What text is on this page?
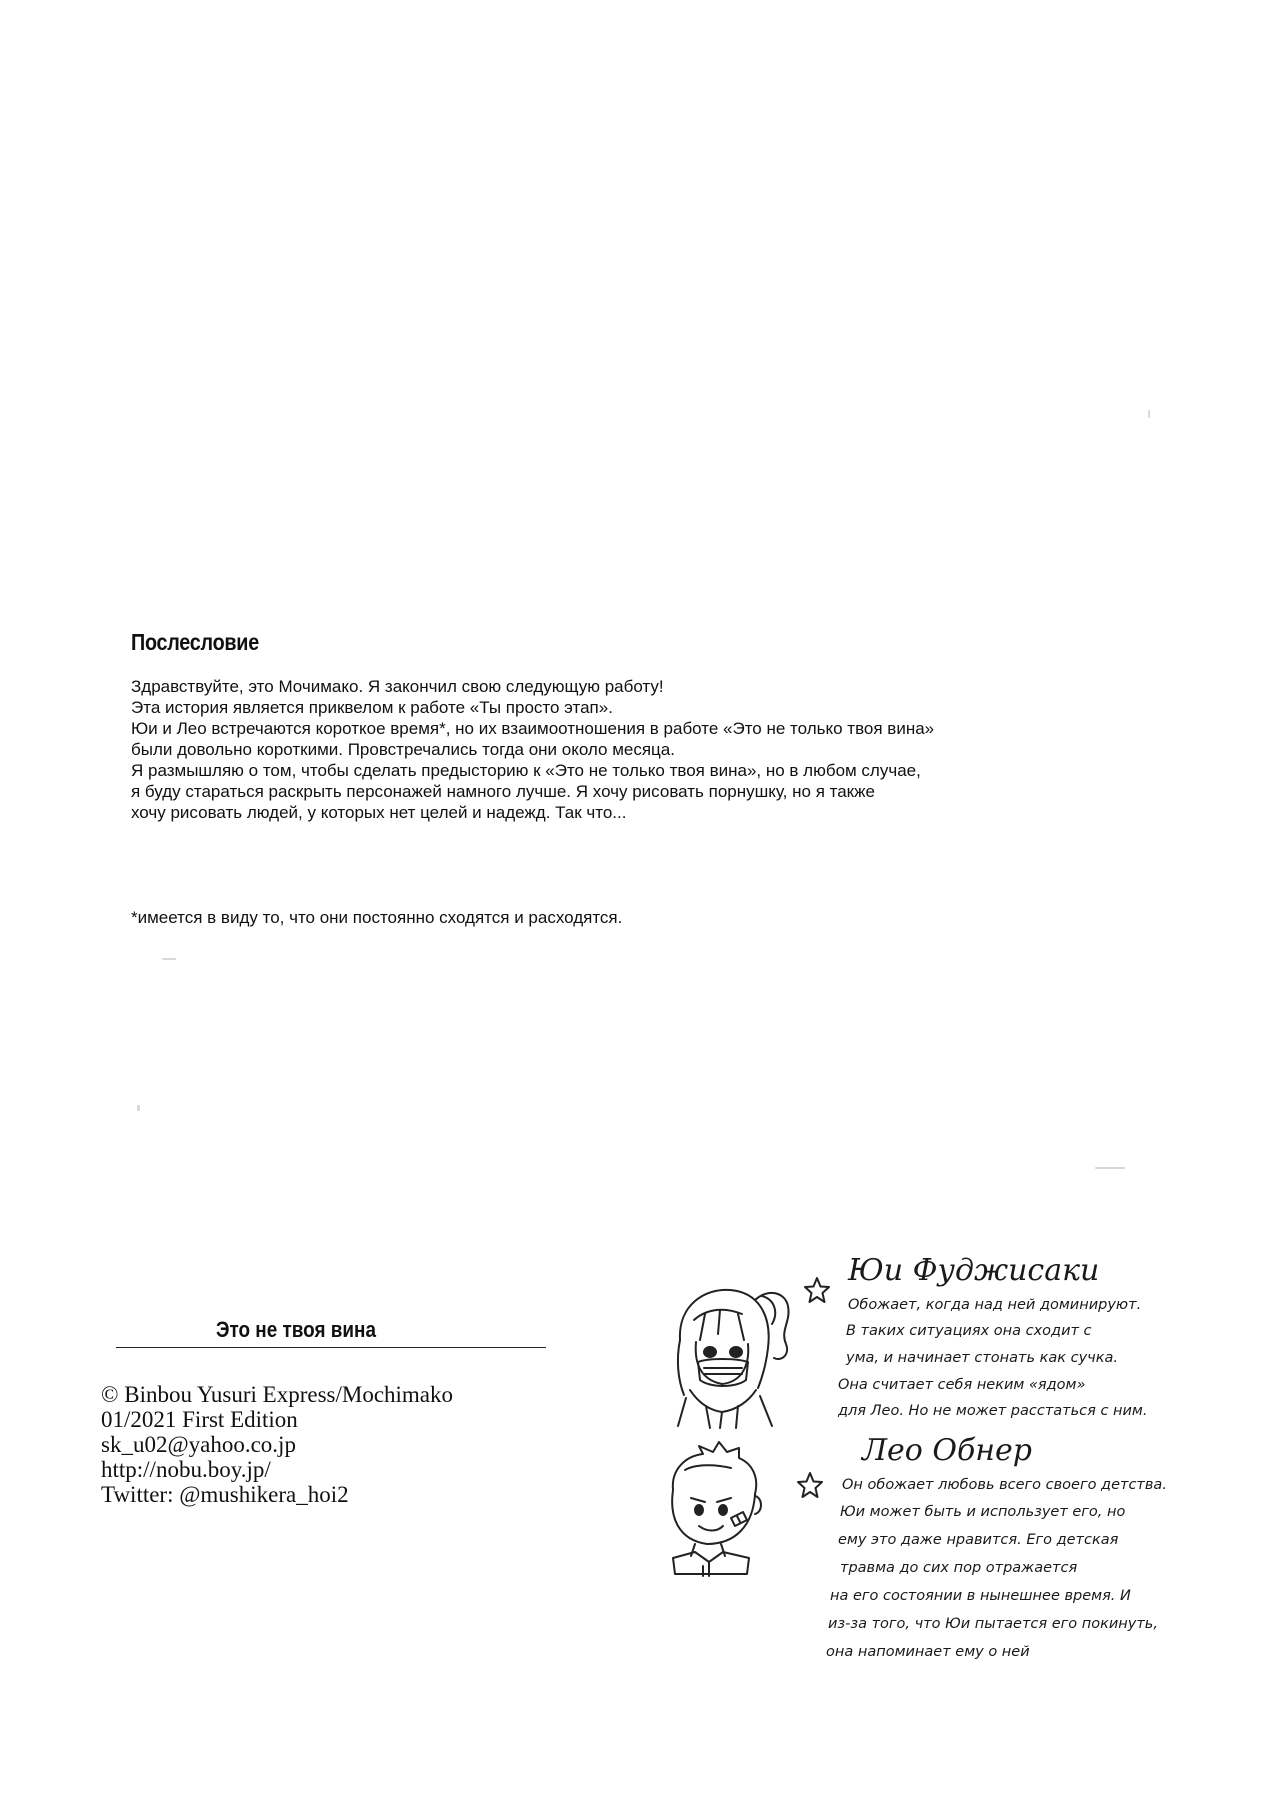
Послесловие
Здравствуйте, это Мочимако. Я закончил свою следующую работу!
Эта история является приквелом к работе «Ты просто этап».
Юи и Лео встречаются короткое время*, но их взаимоотношения в работе «Это не только твоя вина»
были довольно короткими. Провстречались тогда они около месяца.
Я размышляю о том, чтобы сделать предысторию к «Это не только твоя вина», но в любом случае,
я буду стараться раскрыть персонажей намного лучше. Я хочу рисовать порнушку, но я также
хочу рисовать людей, у которых нет целей и надежд. Так что...
*имеется в виду то, что они постоянно сходятся и расходятся.
Это не твоя вина
© Binbou Yusuri Express/Mochimako
01/2021 First Edition
sk_u02@yahoo.co.jp
http://nobu.boy.jp/
Twitter: @mushikera_hoi2
Юи Фуджисаки
Обожает, когда над ней доминируют.
В таких ситуациях она сходит с
ума, и начинает стонать как сучка.
Она считает себя неким «ядом»
для Лео. Но не может расстаться с ним.
Лео Обнер
Он обожает любовь всего своего детства.
Юи может быть и использует его, но
ему это даже нравится. Его детская
травма до сих пор отражается
на его состоянии в нынешнее время. И
из-за того, что Юи пытается его покинуть,
она напоминает ему о ней
